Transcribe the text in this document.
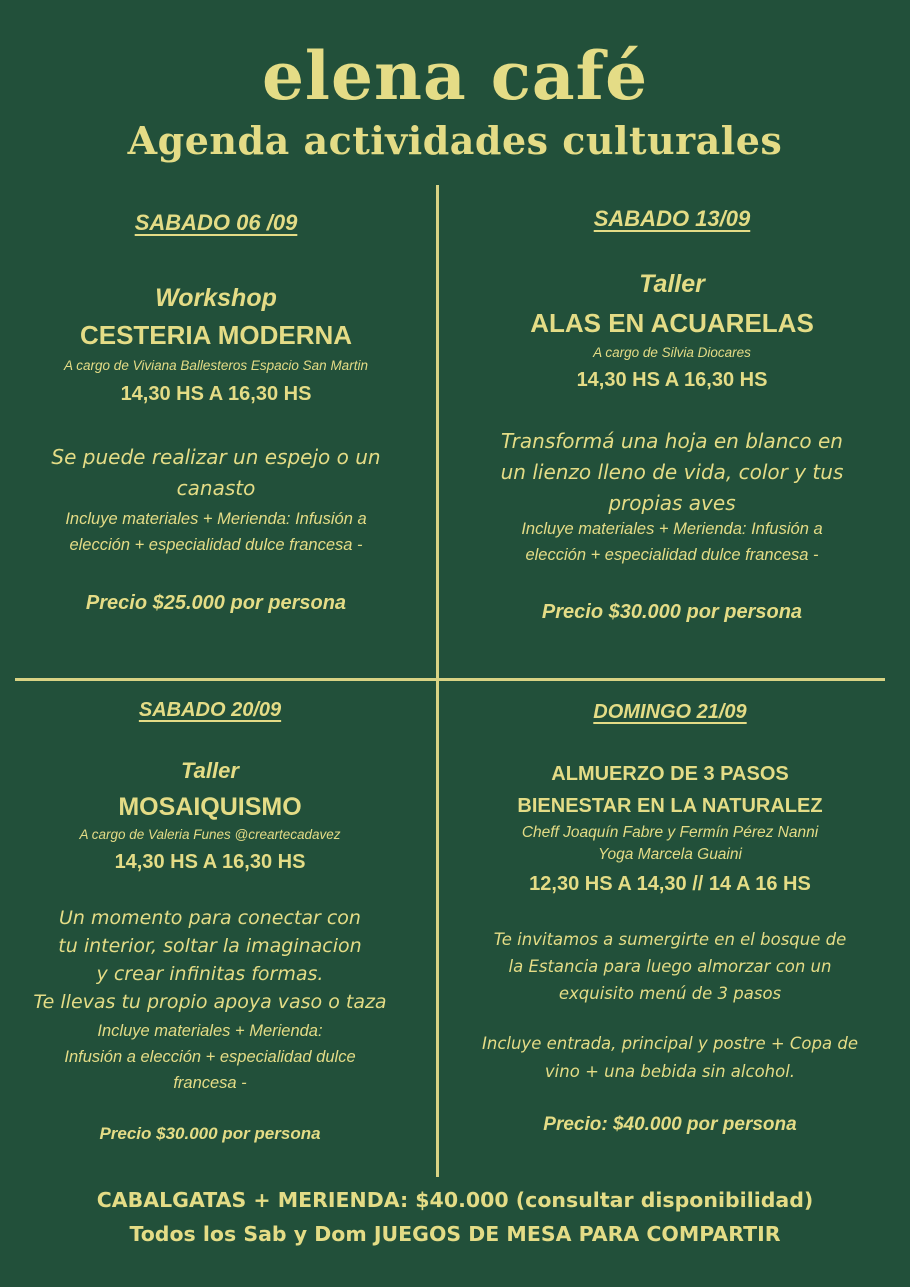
elena café
Agenda actividades culturales
SABADO 06 /09
Workshop
CESTERIA MODERNA
A cargo de Viviana Ballesteros Espacio San Martin
14,30 HS A 16,30 HS
Se puede realizar un espejo o un
canasto
Incluye materiales + Merienda: Infusión a
elección + especialidad dulce francesa -
Precio $25.000 por persona
SABADO 13/09
Taller
ALAS EN ACUARELAS
A cargo de Silvia Diocares
14,30 HS A 16,30 HS
Transformá una hoja en blanco en
un lienzo lleno de vida, color y tus
propias aves
Incluye materiales + Merienda: Infusión a
elección + especialidad dulce francesa -
Precio $30.000 por persona
SABADO 20/09
Taller
MOSAIQUISMO
A cargo de Valeria Funes @creartecadavez
14,30 HS A 16,30 HS
Un momento para conectar con
tu interior, soltar la imaginacion
y crear infinitas formas.
Te llevas tu propio apoya vaso o taza
Incluye materiales + Merienda:
Infusión a elección + especialidad dulce
francesa -
Precio $30.000 por persona
DOMINGO 21/09
ALMUERZO DE 3 PASOS
BIENESTAR EN LA NATURALEZ
Cheff Joaquín Fabre y Fermín Pérez Nanni
Yoga Marcela Guaini
12,30 HS A 14,30 // 14 A 16 HS
Te invitamos a sumergirte en el bosque de
la Estancia para luego almorzar con un
exquisito menú de 3 pasos
Incluye entrada, principal y postre + Copa de
vino + una bebida sin alcohol.
Precio: $40.000 por persona
CABALGATAS + MERIENDA: $40.000 (consultar disponibilidad)
Todos los Sab y Dom JUEGOS DE MESA PARA COMPARTIR
